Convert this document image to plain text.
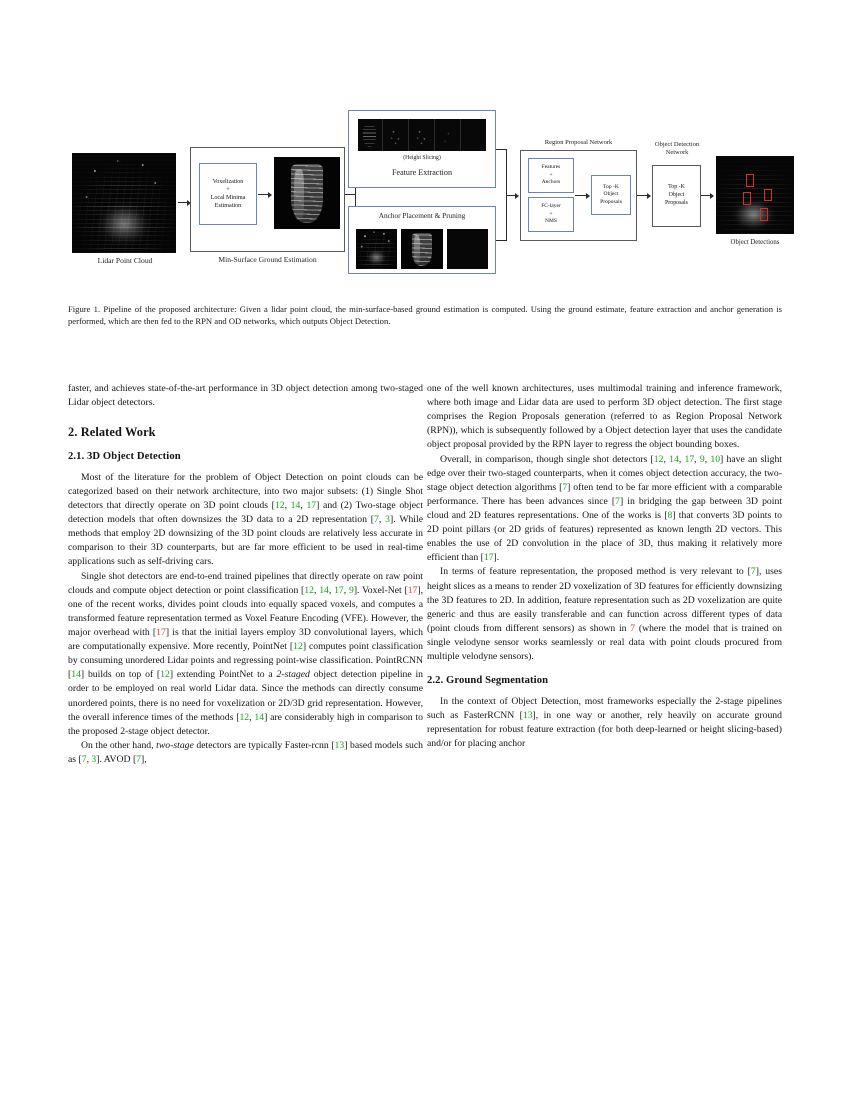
Lidar Point Cloud	Min-Surface Ground Estimation
Voxelization
+
Local Minima
Estimation
(Height Slicing)
Feature Extraction
Anchor Placement & Pruning
Region Proposal Network
Features
+
Anchors
FC-layer
+
NMS
Top -K
Object
Proposals
Object Detection
Network
Top -K
Object
Proposals
Object Detections
Figure 1. Pipeline of the proposed architecture: Given a lidar point cloud, the min-surface-based ground estimation is computed. Using the ground estimate, feature extraction and anchor generation is performed, which are then fed to the RPN and OD networks, which outputs Object Detection.

faster, and achieves state-of-the-art performance in 3D object detection among two-staged Lidar object detectors.

2. Related Work
2.1. 3D Object Detection

Most of the literature for the problem of Object Detection on point clouds can be categorized based on their network architecture, into two major subsets: (1) Single Shot detectors that directly operate on 3D point clouds [12, 14, 17] and (2) Two-stage object detection models that often downsizes the 3D data to a 2D representation [7, 3]. While methods that employ 2D downsizing of the 3D point clouds are relatively less accurate in comparison to their 3D counterparts, but are far more efficient to be used in real-time applications such as self-driving cars.

Single shot detectors are end-to-end trained pipelines that directly operate on raw point clouds and compute object detection or point classification [12, 14, 17, 9]. Voxel-Net [17], one of the recent works, divides point clouds into equally spaced voxels, and computes a transformed feature representation termed as Voxel Feature Encoding (VFE). However, the major overhead with [17] is that the initial layers employ 3D convolutional layers, which are computationally expensive. More recently, PointNet [12] computes point classification by consuming unordered Lidar points and regressing point-wise classification. PointRCNN [14] builds on top of [12] extending PointNet to a 2-staged object detection pipeline in order to be employed on real world Lidar data. Since the methods can directly consume unordered points, there is no need for voxelization or 2D/3D grid representation. However, the overall inference times of the methods [12, 14] are considerably high in comparison to the proposed 2-stage object detector.

On the other hand, two-stage detectors are typically Faster-rcnn [13] based models such as [7, 3]. AVOD [7],

one of the well known architectures, uses multimodal training and inference framework, where both image and Lidar data are used to perform 3D object detection. The first stage comprises the Region Proposals generation (referred to as Region Proposal Network (RPN)), which is subsequently followed by a Object detection layer that uses the candidate object proposal provided by the RPN layer to regress the object bounding boxes.

Overall, in comparison, though single shot detectors [12, 14, 17, 9, 10] have an slight edge over their two-staged counterparts, when it comes object detection accuracy, the two-stage object detection algorithms [7] often tend to be far more efficient with a comparable performance. There has been advances since [7] in bridging the gap between 3D point cloud and 2D features representations. One of the works is [8] that converts 3D points to 2D point pillars (or 2D grids of features) represented as known length 2D vectors. This enables the use of 2D convolution in the place of 3D, thus making it relatively more efficient than [17].

In terms of feature representation, the proposed method is very relevant to [7], uses height slices as a means to render 2D voxelization of 3D features for efficiently downsizing the 3D features to 2D. In addition, feature representation such as 2D voxelization are quite generic and thus are easily transferable and can function across different types of data (point clouds from different sensors) as shown in 7 (where the model that is trained on single velodyne sensor works seamlessly or real data with point clouds procured from multiple velodyne sensors).

2.2. Ground Segmentation

In the context of Object Detection, most frameworks especially the 2-stage pipelines such as FasterRCNN [13], in one way or another, rely heavily on accurate ground representation for robust feature extraction (for both deep-learned or height slicing-based) and/or for placing anchor
